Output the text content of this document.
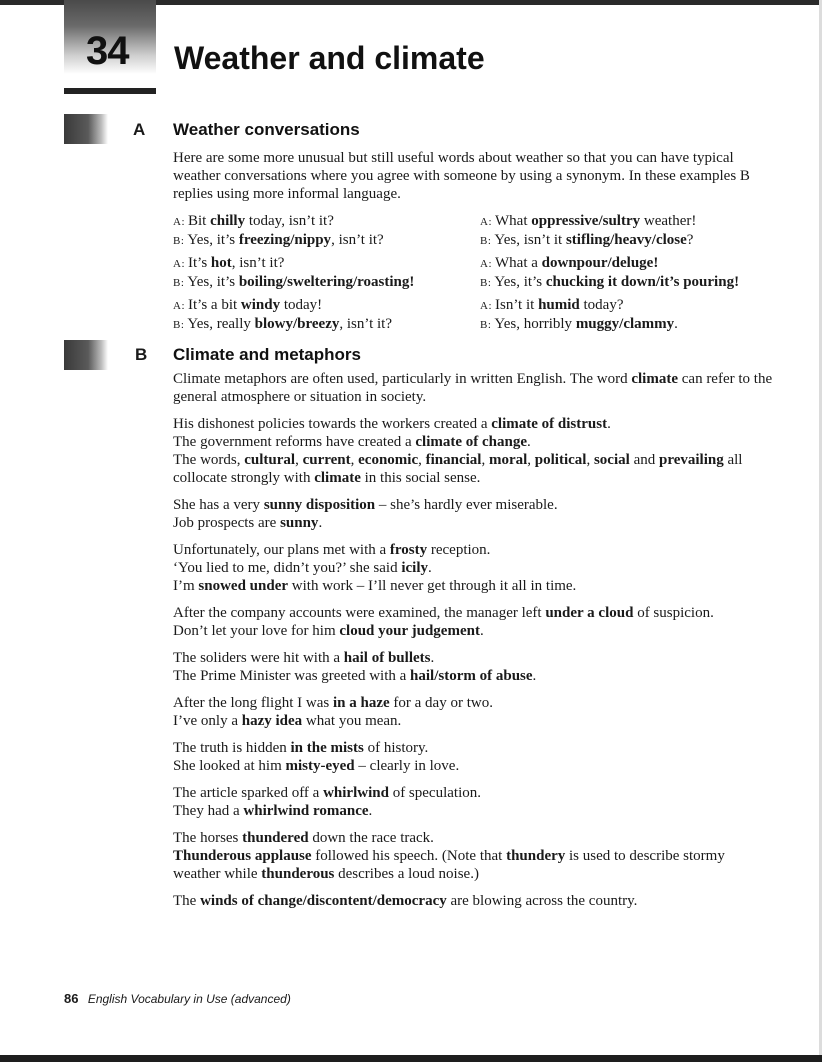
34 Weather and climate
A Weather conversations

Here are some more unusual but still useful words about weather so that you can have typical weather conversations where you agree with someone by using a synonym. In these examples B replies using more informal language.

A: Bit chilly today, isn’t it?
B: Yes, it’s freezing/nippy, isn’t it?
A: It’s hot, isn’t it?
B: Yes, it’s boiling/sweltering/roasting!
A: It’s a bit windy today!
B: Yes, really blowy/breezy, isn’t it?
A: What oppressive/sultry weather!
B: Yes, isn’t it stifling/heavy/close?
A: What a downpour/deluge!
B: Yes, it’s chucking it down/it’s pouring!
A: Isn’t it humid today?
B: Yes, horribly muggy/clammy.
B Climate and metaphors
Climate metaphors are often used, particularly in written English. The word climate can refer to the general atmosphere or situation in society.
His dishonest policies towards the workers created a climate of distrust.
The government reforms have created a climate of change.
The words, cultural, current, economic, financial, moral, political, social and prevailing all collocate strongly with climate in this social sense.
She has a very sunny disposition – she’s hardly ever miserable.
Job prospects are sunny.
Unfortunately, our plans met with a frosty reception.
‘You lied to me, didn’t you?’ she said icily.
I’m snowed under with work – I’ll never get through it all in time.
After the company accounts were examined, the manager left under a cloud of suspicion.
Don’t let your love for him cloud your judgement.
The soliders were hit with a hail of bullets.
The Prime Minister was greeted with a hail/storm of abuse.
After the long flight I was in a haze for a day or two.
I’ve only a hazy idea what you mean.
The truth is hidden in the mists of history.
She looked at him misty-eyed – clearly in love.
The article sparked off a whirlwind of speculation.
They had a whirlwind romance.
The horses thundered down the race track.
Thunderous applause followed his speech. (Note that thundery is used to describe stormy weather while thunderous describes a loud noise.)
The winds of change/discontent/democracy are blowing across the country.
86 English Vocabulary in Use (advanced)
